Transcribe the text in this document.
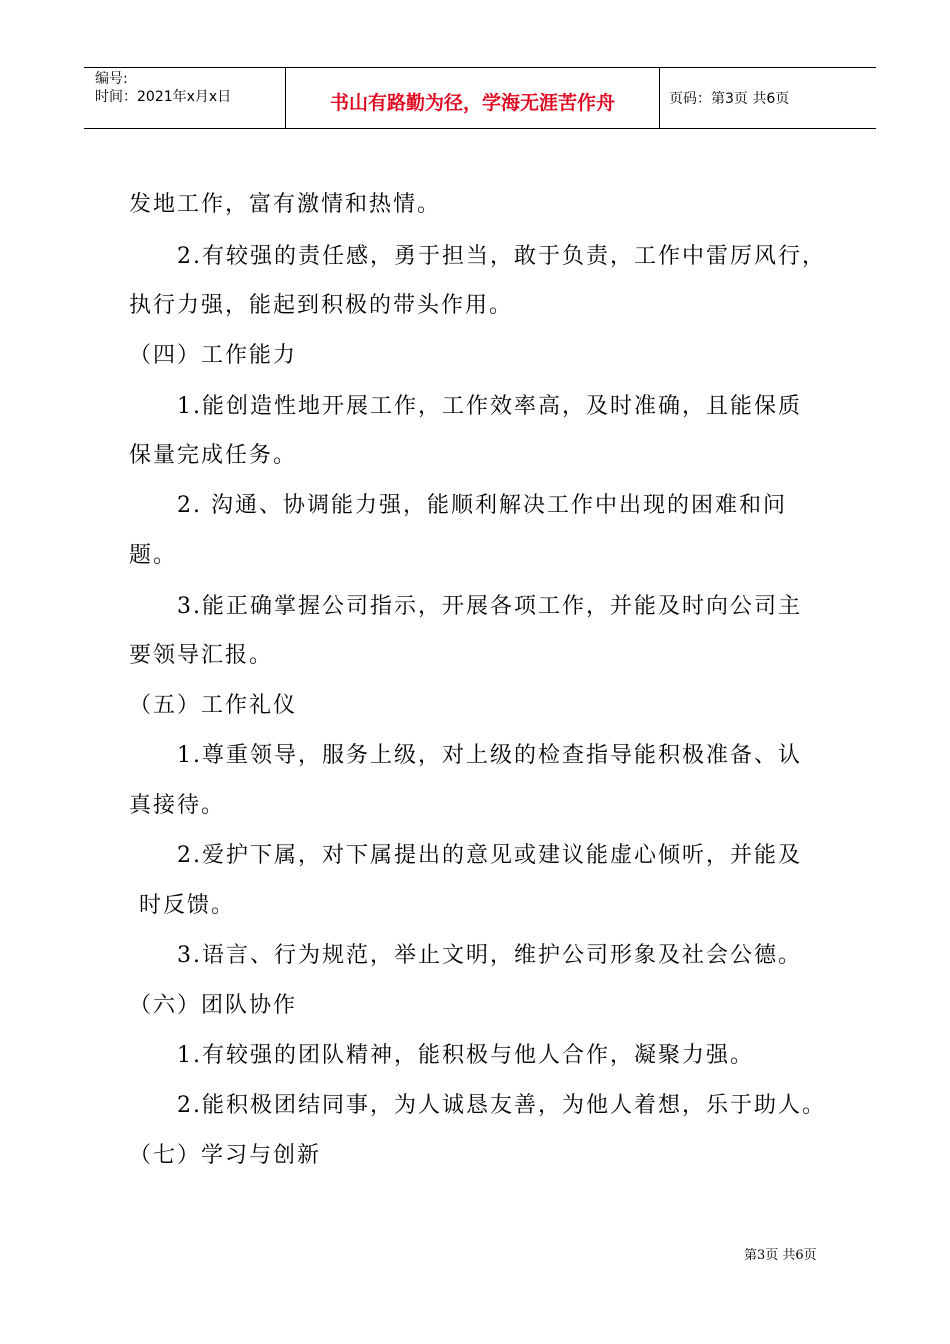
编号:
时间：2021年x月x日	书山有路勤为径，学海无涯苦作舟	页码：第3页 共6页
发地工作，富有激情和热情。
2.有较强的责任感，勇于担当，敢于负责，工作中雷厉风行，
执行力强，能起到积极的带头作用。
（四）工作能力
1.能创造性地开展工作，工作效率高，及时准确，且能保质
保量完成任务。
2. 沟通、协调能力强，能顺利解决工作中出现的困难和问
题。
3.能正确掌握公司指示，开展各项工作，并能及时向公司主
要领导汇报。
（五）工作礼仪
1.尊重领导，服务上级，对上级的检查指导能积极准备、认
真接待。
2.爱护下属，对下属提出的意见或建议能虚心倾听，并能及
时反馈。
3.语言、行为规范，举止文明，维护公司形象及社会公德。
（六）团队协作
1.有较强的团队精神，能积极与他人合作，凝聚力强。
2.能积极团结同事，为人诚恳友善，为他人着想，乐于助人。
（七）学习与创新
第3页 共6页
